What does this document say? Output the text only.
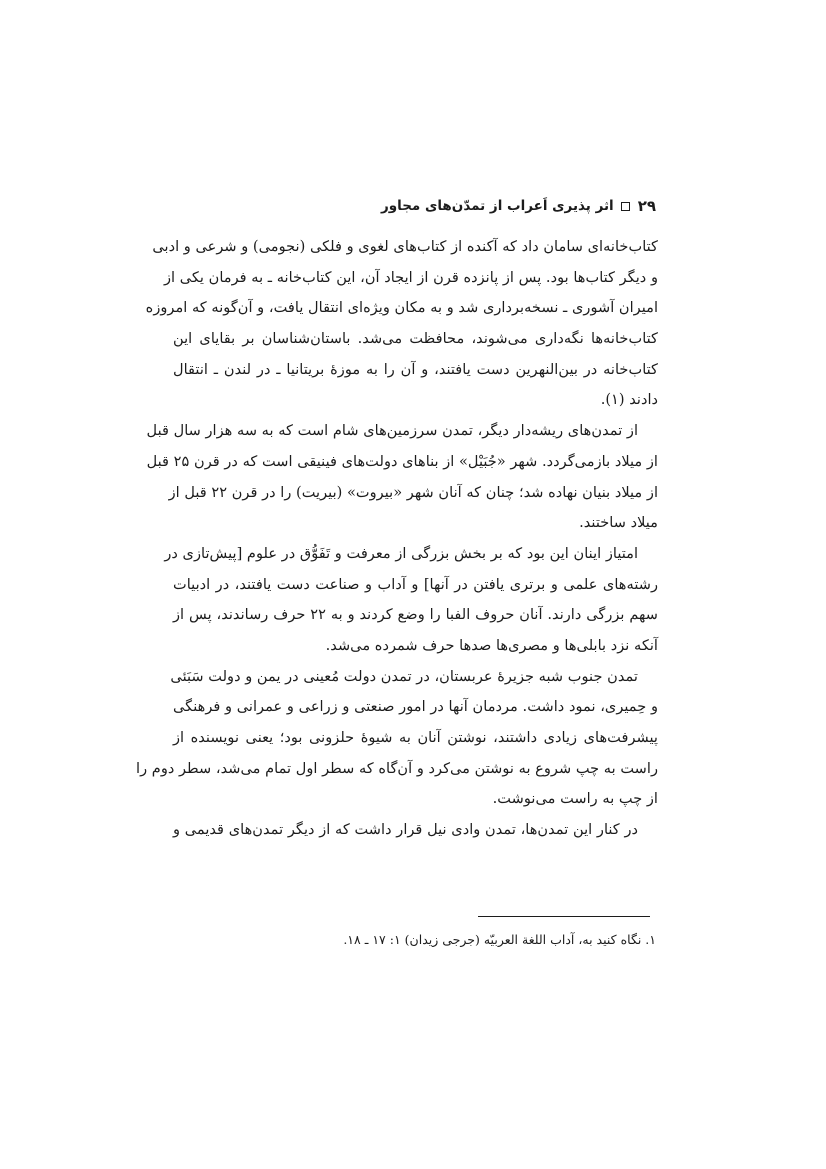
۲۹
اثر پذیری اَعراب از تمدّن‌های مجاور
کتاب‌خانه‌ای سامان داد که آکنده از کتاب‌های لغوی و فلکی (نجومی) و شرعی و ادبی
و دیگر کتاب‌ها بود. پس از پانزده قرن از ایجاد آن، این کتاب‌خانه ـ به فرمان یکی از
امیران آشوری ـ نسخه‌برداری شد و به مکان ویژه‌ای انتقال یافت، و آن‌گونه که امروزه
کتاب‌خانه‌ها نگه‌داری می‌شوند، محافظت می‌شد. باستان‌شناسان بر بقایای این
کتاب‌خانه در بین‌النهرین دست یافتند، و آن را به موزهٔ بریتانیا ـ در لندن ـ انتقال
دادند (۱).
از تمدن‌های ریشه‌دار دیگر، تمدن سرزمین‌های شام است که به سه هزار سال قبل
از میلاد بازمی‌گردد. شهر «جُبَیْل» از بناهای دولت‌های فینیقی است که در قرن ۲۵ قبل
از میلاد بنیان نهاده شد؛ چنان که آنان شهر «بیروت» (بیریت) را در قرن ۲۲ قبل از
میلاد ساختند.
امتیاز اینان این بود که بر بخش بزرگی از معرفت و تَفَوُّق در علوم [پیش‌تازی در
رشته‌های علمی و برتری یافتن در آنها] و آداب و صناعت دست یافتند، در ادبیات
سهم بزرگی دارند. آنان حروف الفبا را وضع کردند و به ۲۲ حرف رساندند، پس از
آنکه نزد بابلی‌ها و مصری‌ها صدها حرف شمرده می‌شد.
تمدن جنوب شبه جزیرهٔ عربستان، در تمدن دولت مُعینی در یمن و دولت سَبَئی
و حِمیری، نمود داشت. مردمان آنها در امور صنعتی و زراعی و عمرانی و فرهنگی
پیشرفت‌های زیادی داشتند، نوشتن آنان به شیوهٔ حلزونی بود؛ یعنی نویسنده از
راست به چپ شروع به نوشتن می‌کرد و آن‌گاه که سطر اول تمام می‌شد، سطر دوم را
از چپ به راست می‌نوشت.
در کنار این تمدن‌ها، تمدن وادی نیل قرار داشت که از دیگر تمدن‌های قدیمی و
۱. نگاه کنید به، آداب اللغة العربیّه (جرجی زیدان) ۱: ۱۷ ـ ۱۸.
